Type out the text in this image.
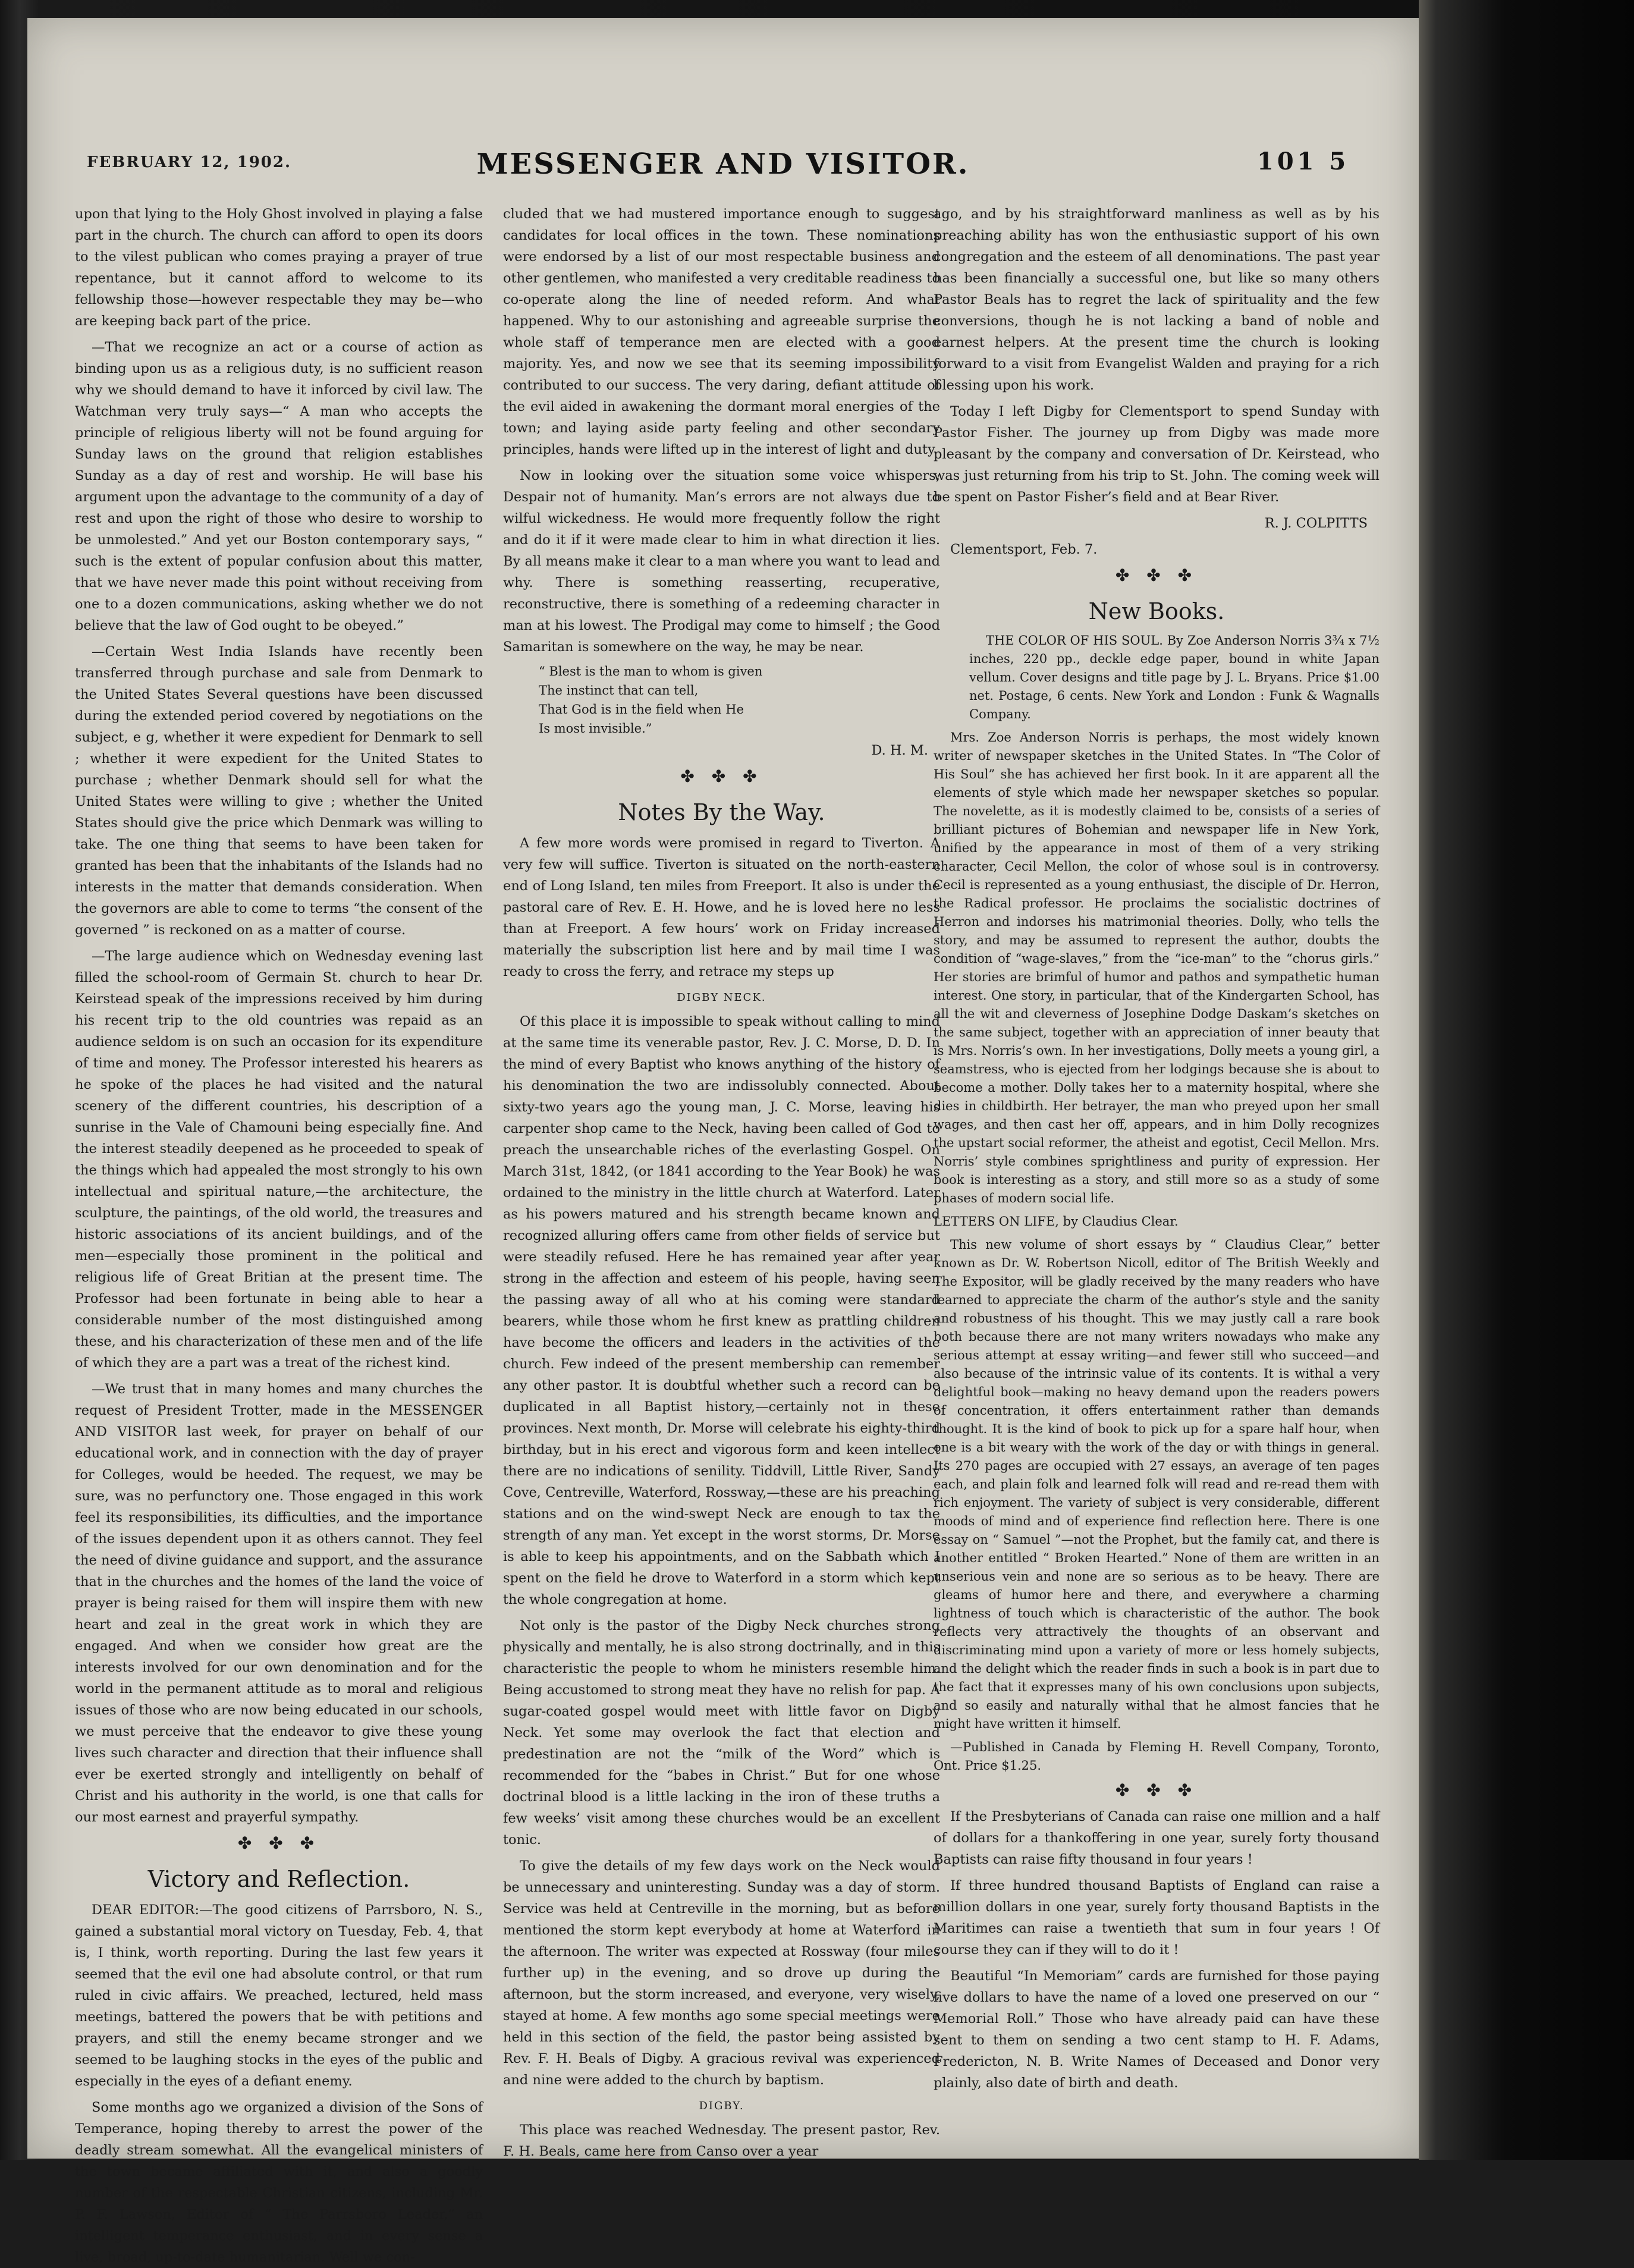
FEBRUARY 12, 1902.	MESSENGER AND VISITOR.	101 5

upon that lying to the Holy Ghost involved in playing a false part in the church. The church can afford to open its doors to the vilest publican who comes praying a prayer of true repentance, but it cannot afford to welcome to its fellowship those—however respectable they may be—who are keeping back part of the price.

—That we recognize an act or a course of action as binding upon us as a religious duty, is no sufficient reason why we should demand to have it inforced by civil law. The Watchman very truly says—“ A man who accepts the principle of religious liberty will not be found arguing for Sunday laws on the ground that religion establishes Sunday as a day of rest and worship. He will base his argument upon the advantage to the community of a day of rest and upon the right of those who desire to worship to be unmolested.” And yet our Boston contemporary says, “ such is the extent of popular confusion about this matter, that we have never made this point without receiving from one to a dozen communications, asking whether we do not believe that the law of God ought to be obeyed.”

—Certain West India Islands have recently been transferred through purchase and sale from Denmark to the United States Several questions have been discussed during the extended period covered by negotiations on the subject, e g, whether it were expedient for Denmark to sell ; whether it were expedient for the United States to purchase ; whether Denmark should sell for what the United States were willing to give ; whether the United States should give the price which Denmark was willing to take. The one thing that seems to have been taken for granted has been that the inhabitants of the Islands had no interests in the matter that demands consideration. When the governors are able to come to terms “the consent of the governed ” is reckoned on as a matter of course.

—The large audience which on Wednesday evening last filled the school-room of Germain St. church to hear Dr. Keirstead speak of the impressions received by him during his recent trip to the old countries was repaid as an audience seldom is on such an occasion for its expenditure of time and money. The Professor interested his hearers as he spoke of the places he had visited and the natural scenery of the different countries, his description of a sunrise in the Vale of Chamouni being especially fine. And the interest steadily deepened as he proceeded to speak of the things which had appealed the most strongly to his own intellectual and spiritual nature,—the architecture, the sculpture, the paintings, of the old world, the treasures and historic associations of its ancient buildings, and of the men—especially those prominent in the political and religious life of Great Britian at the present time. The Professor had been fortunate in being able to hear a considerable number of the most distinguished among these, and his characterization of these men and of the life of which they are a part was a treat of the richest kind.

—We trust that in many homes and many churches the request of President Trotter, made in the MESSENGER AND VISITOR last week, for prayer on behalf of our educational work, and in connection with the day of prayer for Colleges, would be heeded. The request, we may be sure, was no perfunctory one. Those engaged in this work feel its responsibilities, its difficulties, and the importance of the issues dependent upon it as others cannot. They feel the need of divine guidance and support, and the assurance that in the churches and the homes of the land the voice of prayer is being raised for them will inspire them with new heart and zeal in the great work in which they are engaged. And when we consider how great are the interests involved for our own denomination and for the world in the permanent attitude as to moral and religious issues of those who are now being educated in our schools, we must perceive that the endeavor to give these young lives such character and direction that their influence shall ever be exerted strongly and intelligently on behalf of Christ and his authority in the world, is one that calls for our most earnest and prayerful sympathy.

✤ ✤ ✤
Victory and Reflection.

DEAR EDITOR:—The good citizens of Parrsboro, N. S., gained a substantial moral victory on Tuesday, Feb. 4, that is, I think, worth reporting. During the last few years it seemed that the evil one had absolute control, or that rum ruled in civic affairs. We preached, lectured, held mass meetings, battered the powers that be with petitions and prayers, and still the enemy became stronger and we seemed to be laughing stocks in the eyes of the public and especially in the eyes of a defiant enemy.

Some months ago we organized a division of the Sons of Temperance, hoping thereby to arrest the power of the deadly stream somewhat. All the evangelical ministers of the town became affiliated with it, and also a goodly number of the respectable Christian citizens, including Mr. P. F. Lawson, Editor of “ The Parrsboro Leader,” an intelligent temperance enthusiast, and in every sense a live, broad, up-to-date humanitarian. Well we con-

cluded that we had mustered importance enough to suggest candidates for local offices in the town. These nominations were endorsed by a list of our most respectable business and other gentlemen, who manifested a very creditable readiness to co-operate along the line of needed reform. And what happened. Why to our astonishing and agreeable surprise the whole staff of temperance men are elected with a good majority. Yes, and now we see that its seeming impossibility contributed to our success. The very daring, defiant attitude of the evil aided in awakening the dormant moral energies of the town; and laying aside party feeling and other secondary principles, hands were lifted up in the interest of light and duty.

Now in looking over the situation some voice whispers, Despair not of humanity. Man’s errors are not always due to wilful wickedness. He would more frequently follow the right and do it if it were made clear to him in what direction it lies. By all means make it clear to a man where you want to lead and why. There is something reasserting, recuperative, reconstructive, there is something of a redeeming character in man at his lowest. The Prodigal may come to himself ; the Good Samaritan is somewhere on the way, he may be near.

“ Blest is the man to whom is given
The instinct that can tell,
That God is in the field when He
Is most invisible.”
D. H. M.
✤ ✤ ✤
Notes By the Way.

A few more words were promised in regard to Tiverton. A very few will suffice. Tiverton is situated on the north-eastern end of Long Island, ten miles from Freeport. It also is under the pastoral care of Rev. E. H. Howe, and he is loved here no less than at Freeport. A few hours’ work on Friday increased materially the subscription list here and by mail time I was ready to cross the ferry, and retrace my steps up

DIGBY NECK.

Of this place it is impossible to speak without calling to mind at the same time its venerable pastor, Rev. J. C. Morse, D. D. In the mind of every Baptist who knows anything of the history of his denomination the two are indissolubly connected. About sixty-two years ago the young man, J. C. Morse, leaving his carpenter shop came to the Neck, having been called of God to preach the unsearchable riches of the everlasting Gospel. On March 31st, 1842, (or 1841 according to the Year Book) he was ordained to the ministry in the little church at Waterford. Later as his powers matured and his strength became known and recognized alluring offers came from other fields of service but were steadily refused. Here he has remained year after year strong in the affection and esteem of his people, having seen the passing away of all who at his coming were standard bearers, while those whom he first knew as prattling children have become the officers and leaders in the activities of the church. Few indeed of the present membership can remember any other pastor. It is doubtful whether such a record can be duplicated in all Baptist history,—certainly not in these provinces. Next month, Dr. Morse will celebrate his eighty-third birthday, but in his erect and vigorous form and keen intellect there are no indications of senility. Tiddvill, Little River, Sandy Cove, Centreville, Waterford, Rossway,—these are his preaching stations and on the wind-swept Neck are enough to tax the strength of any man. Yet except in the worst storms, Dr. Morse is able to keep his appointments, and on the Sabbath which I spent on the field he drove to Waterford in a storm which kept the whole congregation at home.

Not only is the pastor of the Digby Neck churches strong physically and mentally, he is also strong doctrinally, and in this characteristic the people to whom he ministers resemble him. Being accustomed to strong meat they have no relish for pap. A sugar-coated gospel would meet with little favor on Digby Neck. Yet some may overlook the fact that election and predestination are not the “milk of the Word” which is recommended for the “babes in Christ.” But for one whose doctrinal blood is a little lacking in the iron of these truths a few weeks’ visit among these churches would be an excellent tonic.

To give the details of my few days work on the Neck would be unnecessary and uninteresting. Sunday was a day of storm. Service was held at Centreville in the morning, but as before mentioned the storm kept everybody at home at Waterford in the afternoon. The writer was expected at Rossway (four miles further up) in the evening, and so drove up during the afternoon, but the storm increased, and everyone, very wisely, stayed at home. A few months ago some special meetings were held in this section of the field, the pastor being assisted by Rev. F. H. Beals of Digby. A gracious revival was experienced and nine were added to the church by baptism.

DIGBY.

This place was reached Wednesday. The present pastor, Rev. F. H. Beals, came here from Canso over a year

ago, and by his straightforward manliness as well as by his preaching ability has won the enthusiastic support of his own congregation and the esteem of all denominations. The past year has been financially a successful one, but like so many others Pastor Beals has to regret the lack of spirituality and the few conversions, though he is not lacking a band of noble and earnest helpers. At the present time the church is looking forward to a visit from Evangelist Walden and praying for a rich blessing upon his work.

Today I left Digby for Clementsport to spend Sunday with Pastor Fisher. The journey up from Digby was made more pleasant by the company and conversation of Dr. Keirstead, who was just returning from his trip to St. John. The coming week will be spent on Pastor Fisher’s field and at Bear River.

R. J. COLPITTS

Clementsport, Feb. 7.

✤ ✤ ✤
New Books.

THE COLOR OF HIS SOUL. By Zoe Anderson Norris 3¾ x 7½ inches, 220 pp., deckle edge paper, bound in white Japan vellum. Cover designs and title page by J. L. Bryans. Price $1.00 net. Postage, 6 cents. New York and London : Funk & Wagnalls Company.

Mrs. Zoe Anderson Norris is perhaps, the most widely known writer of newspaper sketches in the United States. In “The Color of His Soul” she has achieved her first book. In it are apparent all the elements of style which made her newspaper sketches so popular. The novelette, as it is modestly claimed to be, consists of a series of brilliant pictures of Bohemian and newspaper life in New York, unified by the appearance in most of them of a very striking character, Cecil Mellon, the color of whose soul is in controversy. Cecil is represented as a young enthusiast, the disciple of Dr. Herron, the Radical professor. He proclaims the socialistic doctrines of Herron and indorses his matrimonial theories. Dolly, who tells the story, and may be assumed to represent the author, doubts the condition of “wage-slaves,” from the “ice-man” to the “chorus girls.” Her stories are brimful of humor and pathos and sympathetic human interest. One story, in particular, that of the Kindergarten School, has all the wit and cleverness of Josephine Dodge Daskam’s sketches on the same subject, together with an appreciation of inner beauty that is Mrs. Norris’s own. In her investigations, Dolly meets a young girl, a seamstress, who is ejected from her lodgings because she is about to become a mother. Dolly takes her to a maternity hospital, where she dies in childbirth. Her betrayer, the man who preyed upon her small wages, and then cast her off, appears, and in him Dolly recognizes the upstart social reformer, the atheist and egotist, Cecil Mellon. Mrs. Norris’ style combines sprightliness and purity of expression. Her book is interesting as a story, and still more so as a study of some phases of modern social life.

LETTERS ON LIFE, by Claudius Clear.

This new volume of short essays by “ Claudius Clear,” better known as Dr. W. Robertson Nicoll, editor of The British Weekly and The Expositor, will be gladly received by the many readers who have learned to appreciate the charm of the author’s style and the sanity and robustness of his thought. This we may justly call a rare book both because there are not many writers nowadays who make any serious attempt at essay writing—and fewer still who succeed—and also because of the intrinsic value of its contents. It is withal a very delightful book—making no heavy demand upon the readers powers of concentration, it offers entertainment rather than demands thought. It is the kind of book to pick up for a spare half hour, when one is a bit weary with the work of the day or with things in general. Its 270 pages are occupied with 27 essays, an average of ten pages each, and plain folk and learned folk will read and re-read them with rich enjoyment. The variety of subject is very considerable, different moods of mind and of experience find reflection here. There is one essay on “ Samuel ”—not the Prophet, but the family cat, and there is another entitled “ Broken Hearted.” None of them are written in an unserious vein and none are so serious as to be heavy. There are gleams of humor here and there, and everywhere a charming lightness of touch which is characteristic of the author. The book reflects very attractively the thoughts of an observant and discriminating mind upon a variety of more or less homely subjects, and the delight which the reader finds in such a book is in part due to the fact that it expresses many of his own conclusions upon subjects, and so easily and naturally withal that he almost fancies that he might have written it himself.

—Published in Canada by Fleming H. Revell Company, Toronto, Ont. Price $1.25.

✤ ✤ ✤

If the Presbyterians of Canada can raise one million and a half of dollars for a thankoffering in one year, surely forty thousand Baptists can raise fifty thousand in four years !

If three hundred thousand Baptists of England can raise a million dollars in one year, surely forty thousand Baptists in the Maritimes can raise a twentieth that sum in four years ! Of course they can if they will to do it !

Beautiful “In Memoriam” cards are furnished for those paying five dollars to have the name of a loved one preserved on our “ Memorial Roll.” Those who have already paid can have these sent to them on sending a two cent stamp to H. F. Adams, Fredericton, N. B. Write Names of Deceased and Donor very plainly, also date of birth and death.
